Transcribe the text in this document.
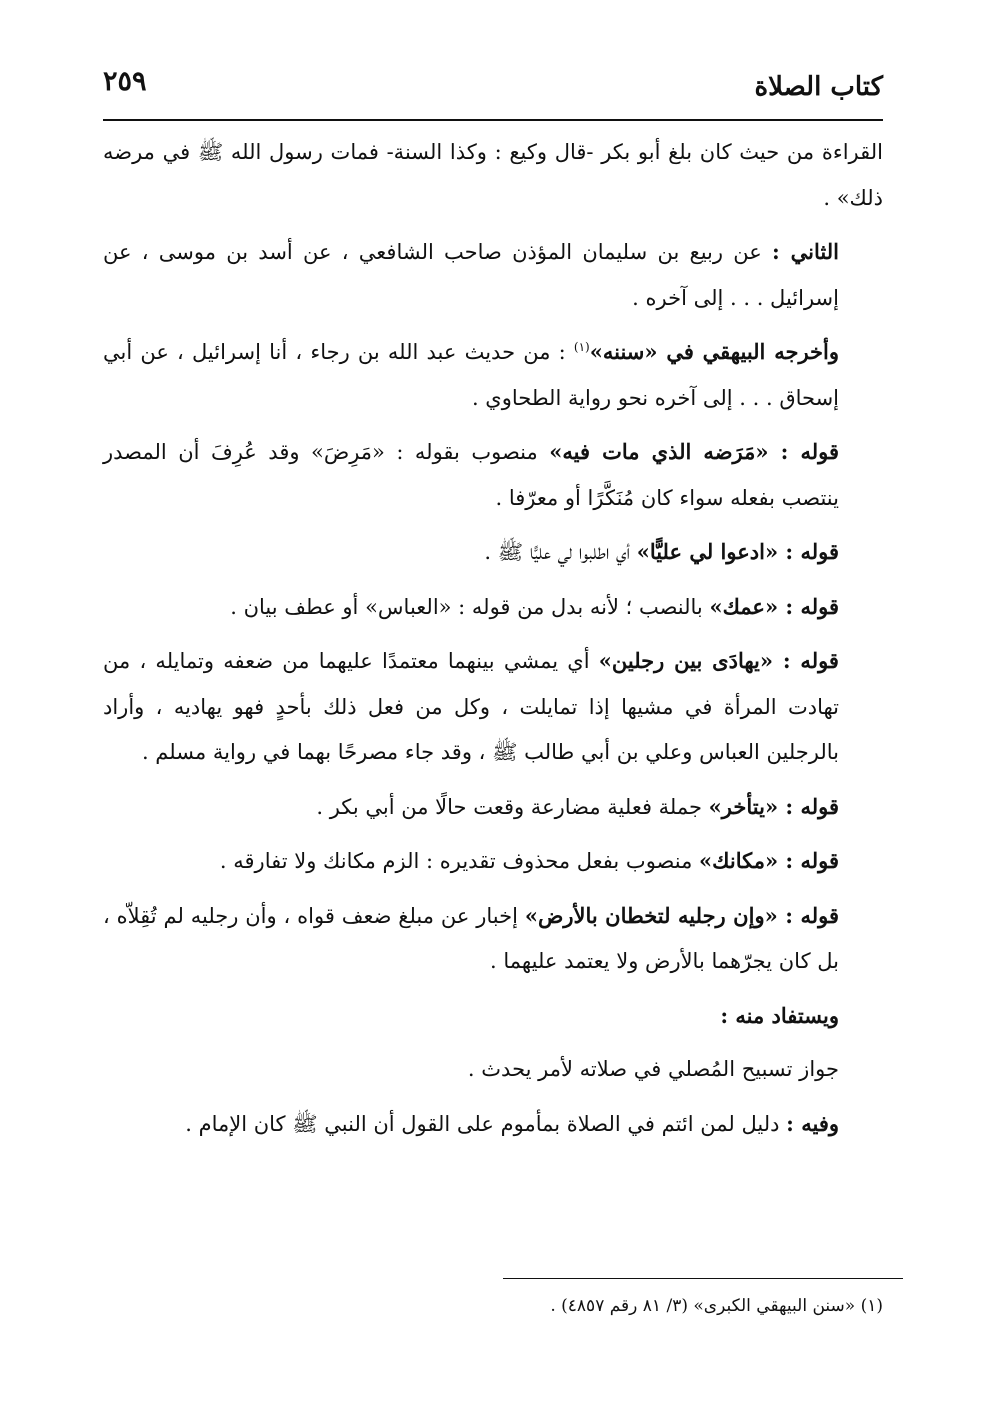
كتاب الصلاة
٢٥٩

القراءة من حيث كان بلغ أبو بكر -قال وكيع : وكذا السنة- فمات رسول الله ﷺ في مرضه ذلك» .

الثاني : عن ربيع بن سليمان المؤذن صاحب الشافعي ، عن أسد بن موسى ، عن إسرائيل . . . إلى آخره .

وأخرجه البيهقي في «سننه»$^{(١)}$ : من حديث عبد الله بن رجاء ، أنا إسرائيل ، عن أبي إسحاق . . . إلى آخره نحو رواية الطحاوي .

قوله : «مَرَضه الذي مات فيه» منصوب بقوله : «مَرِضَ» وقد عُرِفَ أن المصدر ينتصب بفعله سواء كان مُنَكَّرًا أو معرّفا .

قوله : «ادعوا لي عليًّا» أي اطلبوا لي عليًّا ﷺ .

قوله : «عمك» بالنصب ؛ لأنه بدل من قوله : «العباس» أو عطف بيان .

قوله : «يهادَى بين رجلين» أي يمشي بينهما معتمدًا عليهما من ضعفه وتمايله ، من تهادت المرأة في مشيها إذا تمايلت ، وكل من فعل ذلك بأحدٍ فهو يهاديه ، وأراد بالرجلين العباس وعلي بن أبي طالب ﷺ ، وقد جاء مصرحًا بهما في رواية مسلم .

قوله : «يتأخر» جملة فعلية مضارعة وقعت حالًا من أبي بكر .

قوله : «مكانك» منصوب بفعل محذوف تقديره : الزم مكانك ولا تفارقه .

قوله : «وإن رجليه لتخطان بالأرض» إخبار عن مبلغ ضعف قواه ، وأن رجليه لم تُقِلاّه ، بل كان يجرّهما بالأرض ولا يعتمد عليهما .

ويستفاد منه :

جواز تسبيح المُصلي في صلاته لأمر يحدث .

وفيه : دليل لمن ائتم في الصلاة بمأموم على القول أن النبي ﷺ كان الإمام .

(١) «سنن البيهقي الكبرى» (٣/ ٨١ رقم ٤٨٥٧) .
